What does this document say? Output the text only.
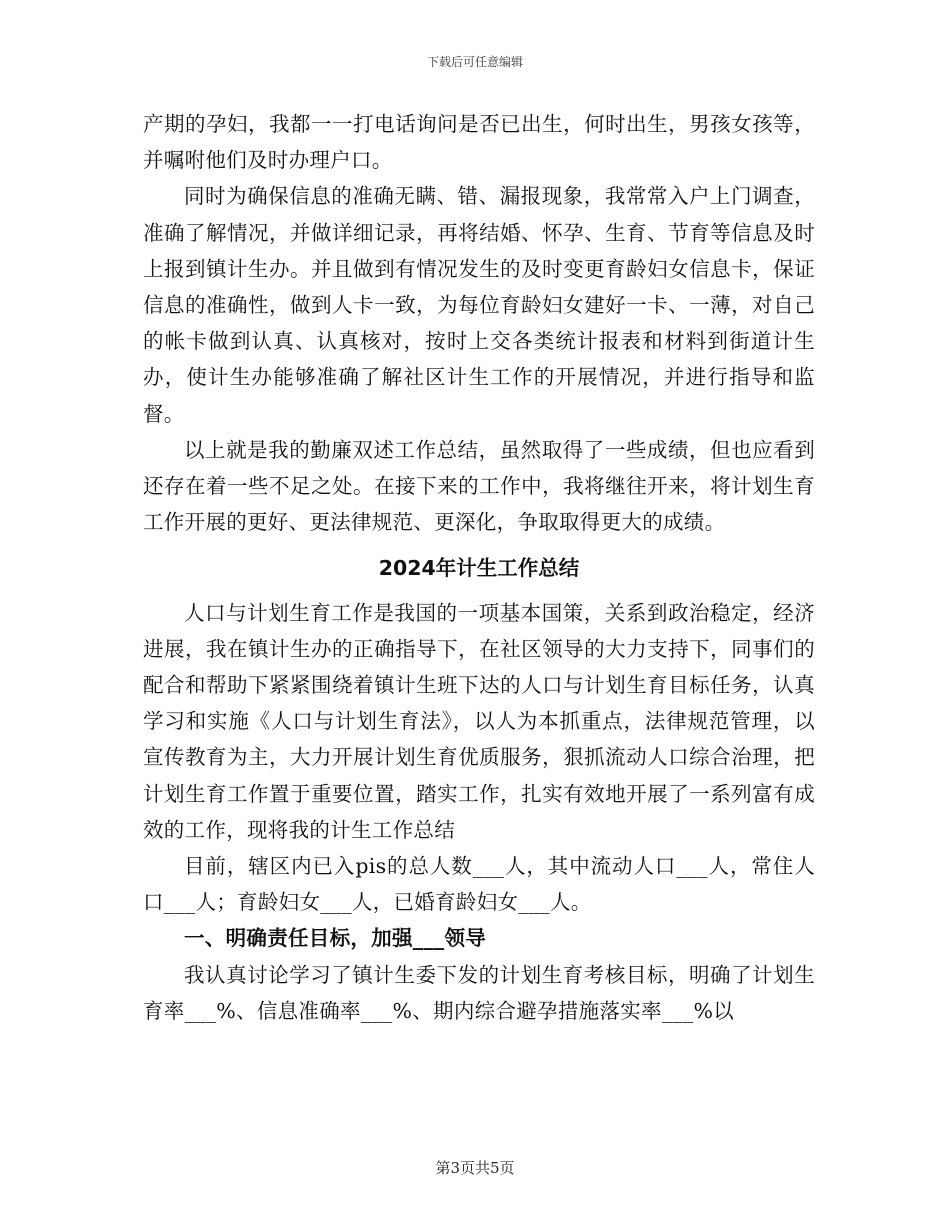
下载后可任意编辑

产期的孕妇，我都一一打电话询问是否已出生，何时出生，男孩女孩等，并嘱咐他们及时办理户口。

同时为确保信息的准确无瞒、错、漏报现象，我常常入户上门调查，准确了解情况，并做详细记录，再将结婚、怀孕、生育、节育等信息及时上报到镇计生办。并且做到有情况发生的及时变更育龄妇女信息卡，保证信息的准确性，做到人卡一致，为每位育龄妇女建好一卡、一薄，对自己的帐卡做到认真、认真核对，按时上交各类统计报表和材料到街道计生办，使计生办能够准确了解社区计生工作的开展情况，并进行指导和监督。

以上就是我的勤廉双述工作总结，虽然取得了一些成绩，但也应看到还存在着一些不足之处。在接下来的工作中，我将继往开来，将计划生育工作开展的更好、更法律规范、更深化，争取取得更大的成绩。

2024年计生工作总结

人口与计划生育工作是我国的一项基本国策，关系到政治稳定，经济进展，我在镇计生办的正确指导下，在社区领导的大力支持下，同事们的配合和帮助下紧紧围绕着镇计生班下达的人口与计划生育目标任务，认真学习和实施《人口与计划生育法》，以人为本抓重点，法律规范管理，以宣传教育为主，大力开展计划生育优质服务，狠抓流动人口综合治理，把计划生育工作置于重要位置，踏实工作，扎实有效地开展了一系列富有成效的工作，现将我的计生工作总结

目前，辖区内已入pis的总人数___人，其中流动人口___人，常住人口___人；育龄妇女___人，已婚育龄妇女___人。

一、明确责任目标，加强___领导

我认真讨论学习了镇计生委下发的计划生育考核目标，明确了计划生育率___%、信息准确率___%、期内综合避孕措施落实率___%以

第3页共5页
